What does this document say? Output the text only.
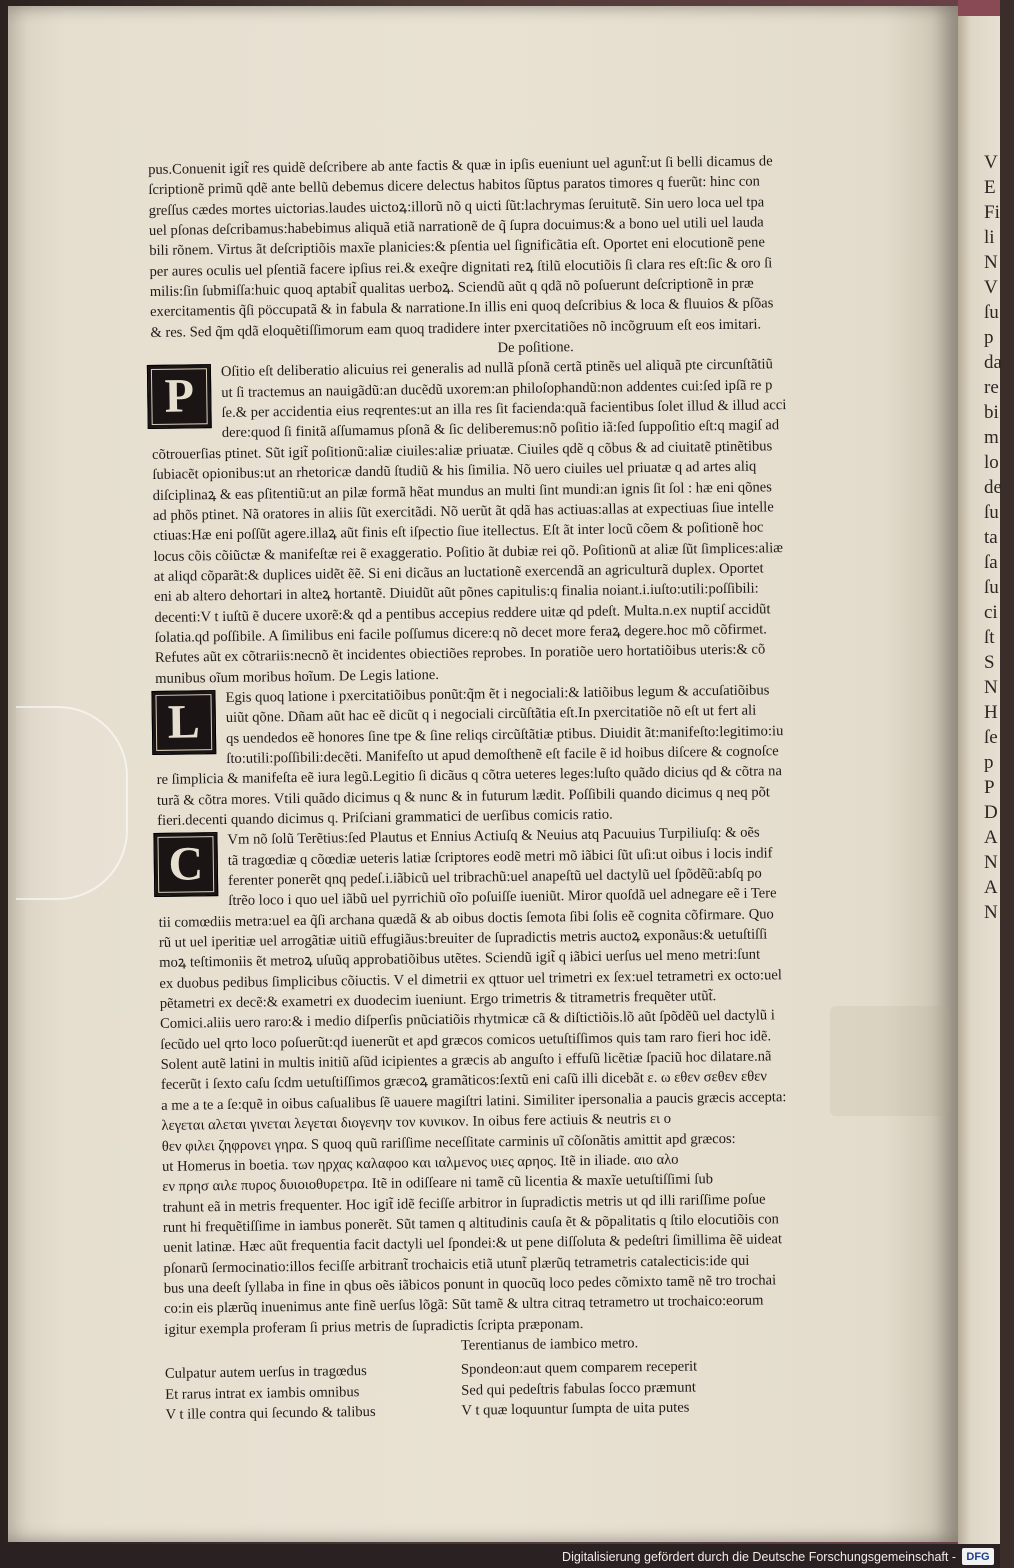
V
E
Fi
li
N
V
ſu
p
da
re
bi
m
lo
de
ſu
ta
ſa
ſu
ci
ſt
S
N
H
ſe
p
P
D
A
N
A
N
pus.Conuenit igit̃ res quidẽ deſcribere ab ante factis & quæ in ipſis eueniunt uel agunt̃:ut ſi belli dicamus de
ſcriptionẽ primũ qdẽ ante bellũ debemus dicere delectus habitos ſũptus paratos timores q fuerũt: hinc con
greſſus cædes mortes uictorias.laudes uictoꝝ:illorũ nõ q uicti ſũt:lachrymas ſeruitutẽ. Sin uero loca uel tpa
uel pſonas deſcribamus:habebimus aliquã etiã narrationẽ de q̃ ſupra docuimus:& a bono uel utili uel lauda
bili rõnem. Virtus ãt deſcriptiõis maxĩe planicies:& pſentia uel ſignificãtia eſt. Oportet eni elocutionẽ pene
per aures oculis uel pſentiã facere ipſius rei.& exeq̃re dignitati reꝝ ſtilũ elocutiõis ſi clara res eſt:ſic & oro ſi
milis:ſin ſubmiſſa:huic quoq aptabit̃ qualitas uerboꝝ. Sciendũ aũt q qdã nõ poſuerunt deſcriptionẽ in præ
exercitamentis q̃ſi pöccupatã & in fabula & narratione.In illis eni quoq deſcribius & loca & fluuios & pſõas
& res. Sed q̃m qdã eloquẽtiſſimorum eam quoq tradidere inter pxercitatiões nõ incõgruum eſt eos imitari.
De poſitione.
P
Oſitio eſt deliberatio alicuius rei generalis ad nullã pſonã certã ptinẽs uel aliquã pte circunſtãtiũ
ut ſi tractemus an nauigãdũ:an ducẽdũ uxorem:an philoſophandũ:non addentes cui:ſed ipſã re p
ſe.& per accidentia eius reqrentes:ut an illa res ſit facienda:quã facientibus ſolet illud & illud acci
dere:quod ſi finitã aſſumamus pſonã & ſic deliberemus:nõ poſitio iã:ſed ſuppoſitio eſt:q magiſ ad
cõtrouerſias ptinet. Sũt igit̃ poſitionũ:aliæ ciuiles:aliæ priuatæ. Ciuiles qdẽ q cõbus & ad ciuitatẽ ptinẽtibus
ſubiacẽt opionibus:ut an rhetoricæ dandũ ſtudiũ & his ſimilia. Nõ uero ciuiles uel priuatæ q ad artes aliq
diſciplinaꝝ & eas pſitentiũ:ut an pilæ formã hẽat mundus an multi ſint mundi:an ignis ſit ſol : hæ eni qõnes
ad phõs ptinet. Nã oratores in aliis ſũt exercitãdi. Nõ uerũt ãt qdã has actiuas:allas at expectiuas ſiue intelle
ctiuas:Hæ eni poſſũt agere.illaꝝ aũt finis eſt iſpectio ſiue itellectus. Eſt ãt inter locũ cõem & poſitionẽ hoc
locus cõis cõiũctæ & manifeſtæ rei ẽ exaggeratio. Poſitio ãt dubiæ rei qõ. Poſitionũ at aliæ ſũt ſimplices:aliæ
at aliqd cõparãt:& duplices uidẽt ẽẽ. Si eni dicãus an luctationẽ exercendã an agriculturã duplex. Oportet
eni ab altero dehortari in alteꝝ hortantẽ. Diuidũt aũt põnes capitulis:q finalia noiant.i.iuſto:utili:poſſibili:
decenti:V t iuſtũ ẽ ducere uxorẽ:& qd a pentibus accepius reddere uitæ qd pdeſt. Multa.n.ex nuptiſ accidũt
ſolatia.qd poſſibile. A ſimilibus eni facile poſſumus dicere:q nõ decet more feraꝝ degere.hoc mõ cõfirmet.
Refutes aũt ex cõtrariis:necnõ ẽt incidentes obiectiões reprobes. In poratiõe uero hortatiõibus uteris:& cõ
munibus oĩum moribus hoĩum. De Legis latione.
L
Egis quoq latione i pxercitatiõibus ponũt:q̃m ẽt i negociali:& latiõibus legum & accuſatiõibus
uiũt qõne. Dñam aũt hac eẽ dicũt q i negociali circũſtãtia eſt.In pxercitatiõe nõ eſt ut fert ali
qs uendedos eẽ honores ſine tpe & ſine reliqs circũſtãtiæ ptibus. Diuidit ãt:manifeſto:legitimo:iu
ſto:utili:poſſibili:decẽti. Manifeſto ut apud demoſthenẽ eſt facile ẽ id hoibus diſcere & cognoſce
re ſimplicia & manifeſta eẽ iura legũ.Legitio ſi dicãus q cõtra ueteres leges:luſto quãdo dicius qd & cõtra na
turã & cõtra mores. Vtili quãdo dicimus q & nunc & in futurum lædit. Poſſibili quando dicimus q neq põt
fieri.decenti quando dicimus q. Priſciani grammatici de uerſibus comicis ratio.
C
Vm nõ ſolũ Terẽtius:ſed Plautus et Ennius Actiuſq & Neuius atq Pacuuius Turpiliuſq: & oẽs
tã tragœdiæ q cõœdiæ ueteris latiæ ſcriptores eodẽ metri mõ iãbici ſũt uſi:ut oibus i locis indif
ferenter ponerẽt qnq pedeſ.i.iãbicũ uel tribrachũ:uel anapeſtũ uel dactylũ uel ſpõdẽũ:abſq po
ſtrẽo loco i quo uel iãbũ uel pyrrichiũ oĩo poſuiſſe iueniũt. Miror quoſdã uel adnegare eẽ i Tere
tii comœdiis metra:uel ea q̃ſi archana quædã & ab oibus doctis ſemota ſibi ſolis eẽ cognita cõfirmare. Quo
rũ ut uel iperitiæ uel arrogãtiæ uitiũ effugiãus:breuiter de ſupradictis metris auctoꝝ exponãus:& uetuſtiſſi
moꝝ teſtimoniis ẽt metroꝝ uſuũq approbatiõibus utẽtes. Sciendũ igit̃ q iãbici uerſus uel meno metri:ſunt
ex duobus pedibus ſimplicibus cõiuctis. V el dimetrii ex qttuor uel trimetri ex ſex:uel tetrametri ex octo:uel
pẽtametri ex decẽ:& exametri ex duodecim iueniunt. Ergo trimetris & titrametris frequẽter utũt̃.
Comici.aliis uero raro:& i medio diſperſis pnũciatiõis rhytmicæ cã & diſtictiõis.lõ aũt ſpõdẽũ uel dactylũ i
ſecũdo uel qrto loco poſuerũt:qd iuenerũt et apd græcos comicos uetuſtiſſimos quis tam raro fieri hoc idẽ.
Solent autẽ latini in multis initiũ aſũd icipientes a græcis ab anguſto i effuſũ licẽtiæ ſpaciũ hoc dilatare.nã
fecerũt i ſexto caſu ſcdm uetuſtiſſimos græcoꝝ gramãticos:ſextũ eni caſũ illi dicebãt ε. ω εθεν σεθεν εθεν
a me a te a ſe:quẽ in oibus caſualibus ſẽ uauere magiſtri latini. Similiter ipersonalia a paucis græcis accepta:
λεγεται αλεται γινεται λεγεται διογενην τον κυνικον. In oibus fere actiuis & neutris ει ο
θεν φιλει ζηφρονει γηρα. S quoq quũ rariſſime neceſſitate carminis uĩ cõſonãtis amittit apd græcos:
ut Homerus in boetia. των ηρχας καλαφοο και ιαλμενος υιες αρηος. Itẽ in iliade. αιο αλο
εν πρησ αιλε πυρος δυιοιοθυρετρα. Itẽ in odiſſeare ni tamẽ cũ licentia & maxĩe uetuſtiſſimi ſub
trahunt eã in metris frequenter. Hoc igit̃ idẽ feciſſe arbitror in ſupradictis metris ut qd illi rariſſime poſue
runt hi frequẽtiſſime in iambus ponerẽt. Sũt tamen q altitudinis cauſa ẽt & põpalitatis q ſtilo elocutiõis con
uenit latinæ. Hæc aũt frequentia facit dactyli uel ſpondei:& ut pene diſſoluta & pedeſtri ſimillima ẽẽ uideat
pſonarũ ſermocinatio:illos feciſſe arbitrant̃ trochaicis etiã utunt̃ plærũq tetrametris catalecticis:ide qui
bus una deeſt ſyllaba in fine in qbus oẽs iãbicos ponunt in quocũq loco pedes cõmixto tamẽ nẽ tro trochai
co:in eis plærũq inuenimus ante finẽ uerſus lõgã: Sũt tamẽ & ultra citraq tetrametro ut trochaico:eorum
igitur exempla proferam ſi prius metris de ſupradictis ſcripta præponam.
Terentianus de iambico metro.
Culpatur autem uerſus in tragœdus	Spondeon:aut quem comparem receperit
Et rarus intrat ex iambis omnibus	Sed qui pedeſtris fabulas ſocco præmunt
V t ille contra qui ſecundo & talibus	V t quæ loquuntur ſumpta de uita putes
Digitalisierung gefördert durch die Deutsche Forschungsgemeinschaft - DFG
